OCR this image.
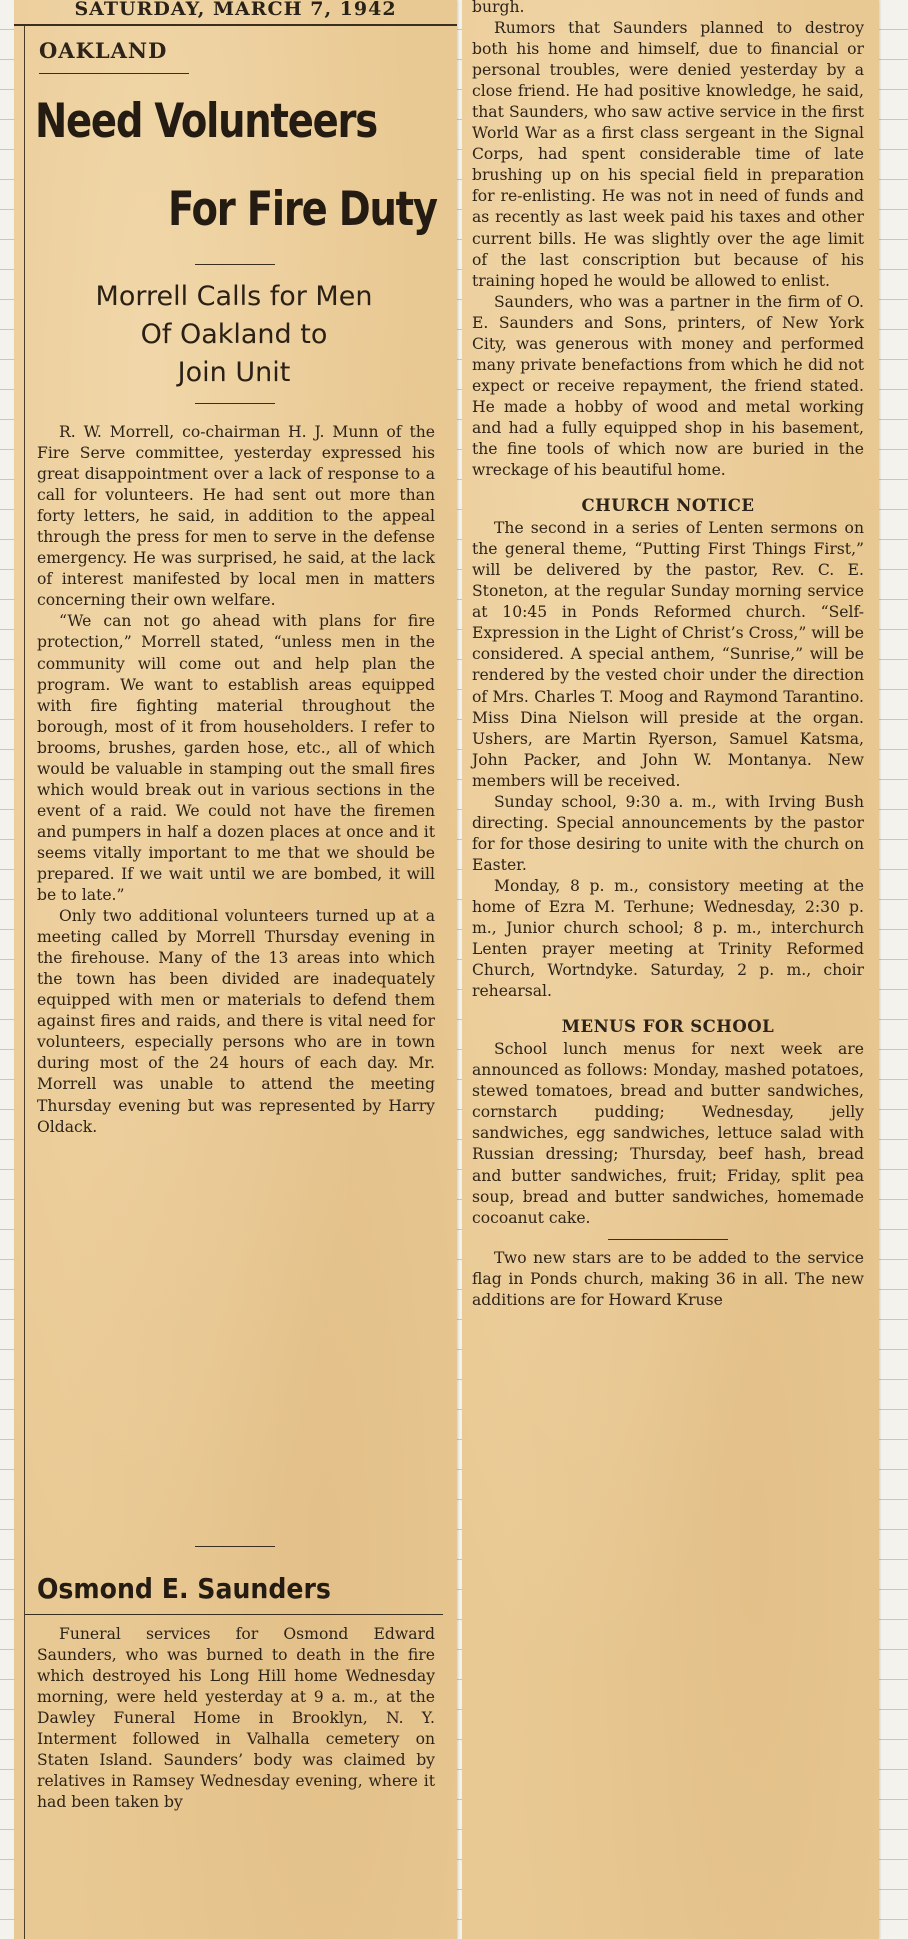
SATURDAY, MARCH 7, 1942
OAKLAND
Need Volunteers
For Fire Duty
Morrell Calls for Men
Of Oakland to
Join Unit

R. W. Morrell, co-chairman H. J. Munn of the Fire Serve committee, yesterday expressed his great disappointment over a lack of response to a call for volunteers. He had sent out more than forty letters, he said, in addition to the appeal through the press for men to serve in the defense emergency. He was surprised, he said, at the lack of interest manifested by local men in matters concerning their own welfare.

“We can not go ahead with plans for fire protection,” Morrell stated, “unless men in the community will come out and help plan the program. We want to establish areas equipped with fire fighting material throughout the borough, most of it from householders. I refer to brooms, brushes, garden hose, etc., all of which would be valuable in stamping out the small fires which would break out in various sections in the event of a raid. We could not have the firemen and pumpers in half a dozen places at once and it seems vitally important to me that we should be prepared. If we wait until we are bombed, it will be to late.”

Only two additional volunteers turned up at a meeting called by Morrell Thursday evening in the firehouse. Many of the 13 areas into which the town has been divided are inadequately equipped with men or materials to defend them against fires and raids, and there is vital need for volunteers, especially persons who are in town during most of the 24 hours of each day. Mr. Morrell was unable to attend the meeting Thursday evening but was represented by Harry Oldack.

Osmond E. Saunders

Funeral services for Osmond Edward Saunders, who was burned to death in the fire which destroyed his Long Hill home Wednesday morning, were held yesterday at 9 a. m., at the Dawley Funeral Home in Brooklyn, N. Y. Interment followed in Valhalla cemetery on Staten Island. Saunders’ body was claimed by relatives in Ramsey Wednesday evening, where it had been taken by

burgh.

Rumors that Saunders planned to destroy both his home and himself, due to financial or personal troubles, were denied yesterday by a close friend. He had positive knowledge, he said, that Saunders, who saw active service in the first World War as a first class sergeant in the Signal Corps, had spent considerable time of late brushing up on his special field in preparation for re-enlisting. He was not in need of funds and as recently as last week paid his taxes and other current bills. He was slightly over the age limit of the last conscription but because of his training hoped he would be allowed to enlist.

Saunders, who was a partner in the firm of O. E. Saunders and Sons, printers, of New York City, was generous with money and performed many private benefactions from which he did not expect or receive repayment, the friend stated. He made a hobby of wood and metal working and had a fully equipped shop in his basement, the fine tools of which now are buried in the wreckage of his beautiful home.

CHURCH NOTICE

The second in a series of Lenten sermons on the general theme, “Putting First Things First,” will be delivered by the pastor, Rev. C. E. Stoneton, at the regular Sunday morning service at 10:45 in Ponds Reformed church. “Self-Expression in the Light of Christ’s Cross,” will be considered. A special anthem, “Sunrise,” will be rendered by the vested choir under the direction of Mrs. Charles T. Moog and Raymond Tarantino. Miss Dina Nielson will preside at the organ. Ushers, are Martin Ryerson, Samuel Katsma, John Packer, and John W. Montanya. New members will be received.

Sunday school, 9:30 a. m., with Irving Bush directing. Special announcements by the pastor for for those desiring to unite with the church on Easter.

Monday, 8 p. m., consistory meeting at the home of Ezra M. Terhune; Wednesday, 2:30 p. m., Junior church school; 8 p. m., interchurch Lenten prayer meeting at Trinity Reformed Church, Wortndyke. Saturday, 2 p. m., choir rehearsal.

MENUS FOR SCHOOL

School lunch menus for next week are announced as follows: Monday, mashed potatoes, stewed tomatoes, bread and butter sandwiches, cornstarch pudding; Wednesday, jelly sandwiches, egg sandwiches, lettuce salad with Russian dressing; Thursday, beef hash, bread and butter sandwiches, fruit; Friday, split pea soup, bread and butter sandwiches, homemade cocoanut cake.

Two new stars are to be added to the service flag in Ponds church, making 36 in all. The new additions are for Howard Kruse
